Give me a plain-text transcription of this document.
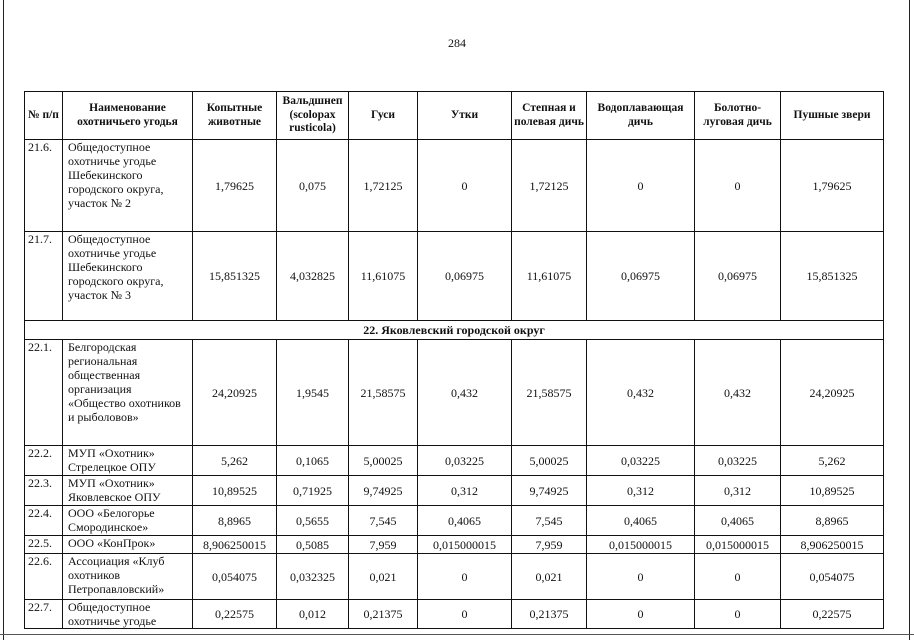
284
№ п/п	Наименование охотничьего угодья	Копытные животные	Вальдшнеп (scolopax rusticola)	Гуси	Утки	Степная и полевая дичь	Водоплавающая дичь	Болотно-луговая дичь	Пушные звери
21.6.	Общедоступное охотничье угодье Шебекинского городского округа, участок № 2	1,79625	0,075	1,72125	0	1,72125	0	0	1,79625
21.7.	Общедоступное охотничье угодье Шебекинского городского округа, участок № 3	15,851325	4,032825	11,61075	0,06975	11,61075	0,06975	0,06975	15,851325
22. Яковлевский городской округ									
22.1.	Белгородская региональная общественная организация «Общество охотников и рыболовов»	24,20925	1,9545	21,58575	0,432	21,58575	0,432	0,432	24,20925
22.2.	МУП «Охотник» Стрелецкое ОПУ	5,262	0,1065	5,00025	0,03225	5,00025	0,03225	0,03225	5,262
22.3.	МУП «Охотник» Яковлевское ОПУ	10,89525	0,71925	9,74925	0,312	9,74925	0,312	0,312	10,89525
22.4.	ООО «Белогорье Смородинское»	8,8965	0,5655	7,545	0,4065	7,545	0,4065	0,4065	8,8965
22.5.	ООО «КонПрок»	8,906250015	0,5085	7,959	0,015000015	7,959	0,015000015	0,015000015	8,906250015
22.6.	Ассоциация «Клуб охотников Петропавловский»	0,054075	0,032325	0,021	0	0,021	0	0	0,054075
22.7.	Общедоступное охотничье угодье	0,22575	0,012	0,21375	0	0,21375	0	0	0,22575
